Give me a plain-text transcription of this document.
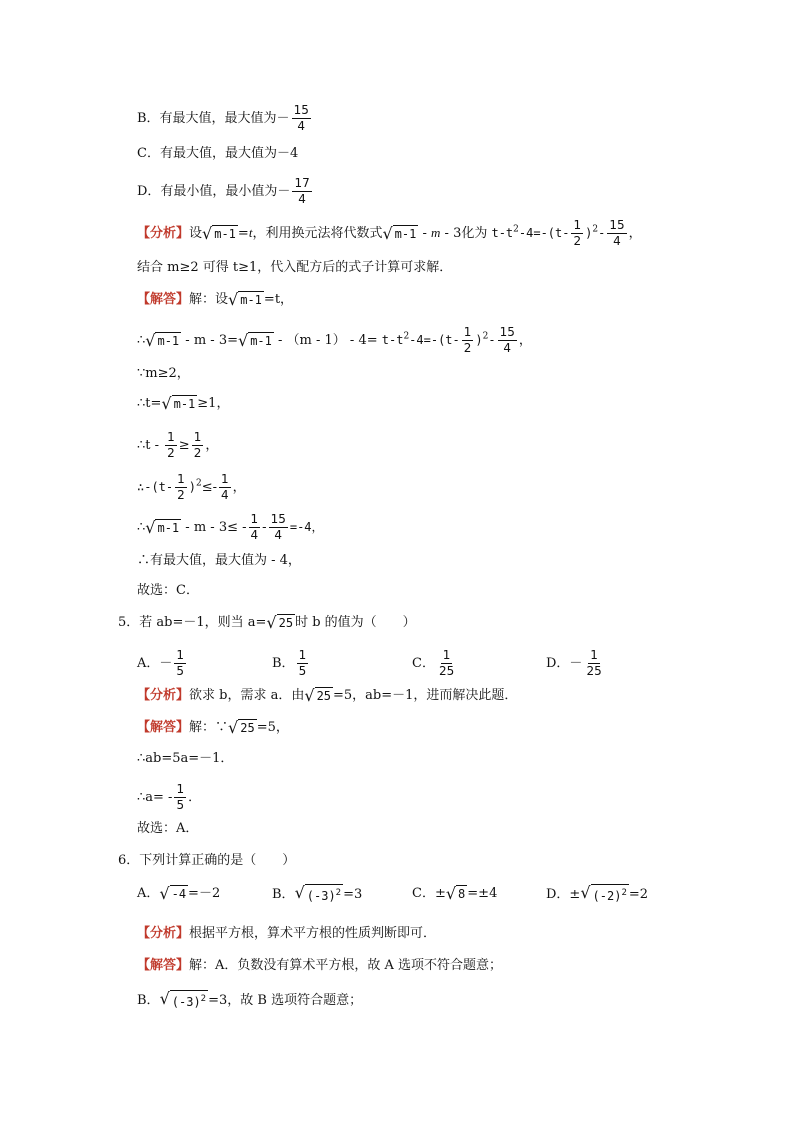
B．有最大值，最大值为－ $\frac{15}{4}$
C．有最大值，最大值为－4
D．有最小值，最小值为－ $\frac{17}{4}$
【分析】设 √ m-1 =t，利用换元法将代数式 √ m-1 - m - 3化为 $t-t^2-4=-(t- \frac{1}{2} )^2- \frac{15}{4}$ ，
结合 m≥2 可得 t≥1，代入配方后的式子计算可求解．
【解答】解：设 √ m-1 =t，
∴ √ m-1 - m - 3= √ $m-1 - (m - 1) - 4= t-t^2-4=-(t- \frac{1}{2} )^2- \frac{15}{4}$ ，
∵m≥2，
∴t= √ m-1 ≥1，
∴t - $\frac{1}{2} \ge \frac{1}{2}$ ，
∴-(t- $\frac{1}{2} )^2\le- \frac{1}{4}$ ，
∴ √ $m-1 - m - 3\le - \frac{1}{4} - \frac{15}{4} =-4$，
∴有最大值，最大值为 - 4，
故选：C．
5．若 ab=－1，则当 a= √ 25 时 b 的值为（　　）
A．－ $\frac{1}{5}$	B． $\frac{1}{5}$	C． $\frac{1}{25}$	D．－ $\frac{1}{25}$
【分析】欲求 b，需求 a．由 √ 25 =5，ab=－1，进而解决此题．
【解答】解：∵ √ 25 =5，
∴ab=5a=－1．
∴a= - $\frac{1}{5}$ ．
故选：A．
6．下列计算正确的是（　　）
A． √ -4 =－2	B． √ $(-3)^2 =3$	C．± √ 8 =±4	D．± √ $(-2)^2 =2$
【分析】根据平方根，算术平方根的性质判断即可．
【解答】解：A．负数没有算术平方根，故 A 选项不符合题意；
B． √ $(-3)^2 =3$，故 B 选项符合题意；
